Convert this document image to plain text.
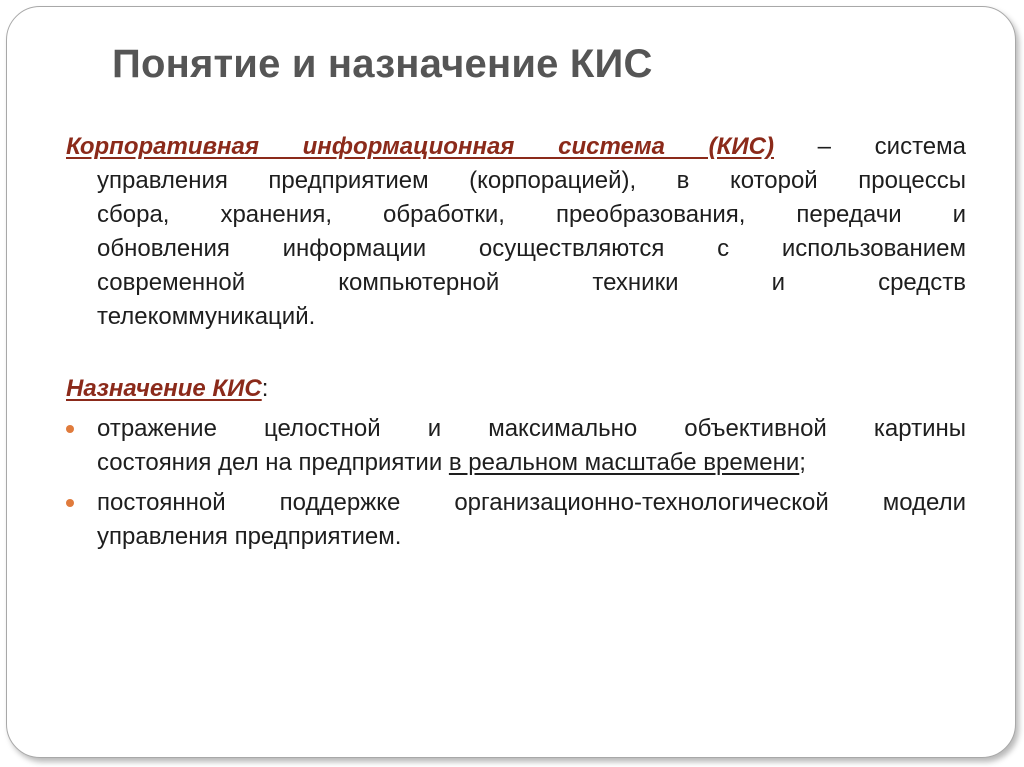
Понятие и назначение КИС
Корпоративная информационная система (КИС) – система
управления предприятием (корпорацией), в которой процессы
сбора, хранения, обработки, преобразования, передачи и
обновления информации осуществляются с использованием
современной компьютерной техники и средств
телекоммуникаций.
Назначение КИС:
отражение целостной и максимально объективной картины
состояния дел на предприятии в реальном масштабе времени;
постоянной поддержке организационно-технологической модели
управления предприятием.
